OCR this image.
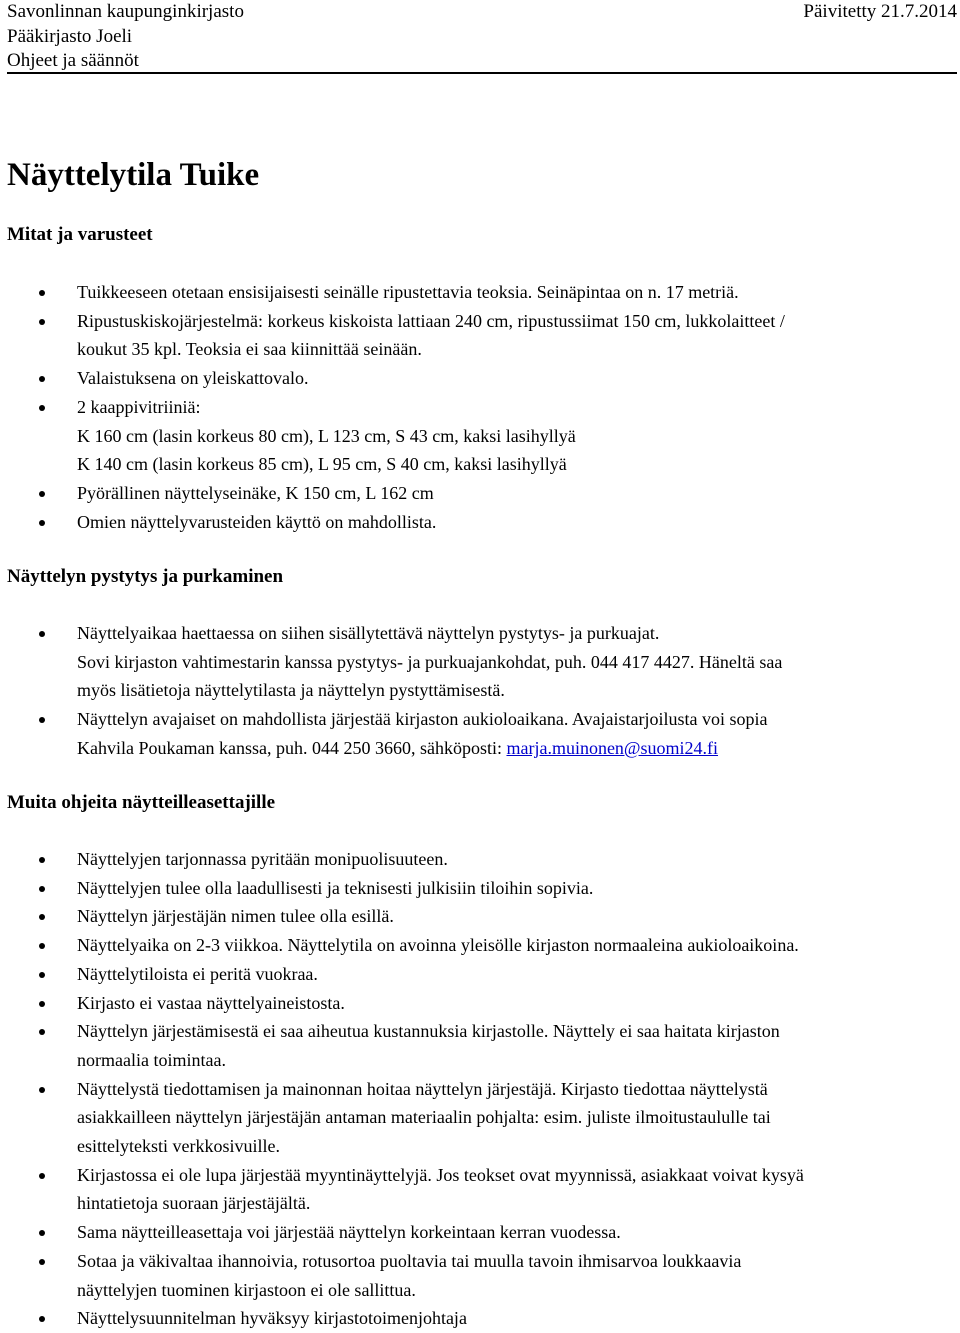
Savonlinnan kaupunginkirjasto	Päivitetty 21.7.2014
Pääkirjasto Joeli
Ohjeet ja säännöt
Näyttelytila Tuike
Mitat ja varusteet
Tuikkeeseen otetaan ensisijaisesti seinälle ripustettavia teoksia. Seinäpintaa on n. 17 metriä.
Ripustuskiskojärjestelmä: korkeus kiskoista lattiaan 240 cm, ripustussiimat 150 cm, lukkolaitteet /
koukut 35 kpl. Teoksia ei saa kiinnittää seinään.
Valaistuksena on yleiskattovalo.
2 kaappivitriiniä:
K 160 cm (lasin korkeus 80 cm), L 123 cm, S 43 cm, kaksi lasihyllyä
K 140 cm (lasin korkeus 85 cm), L 95 cm, S 40 cm, kaksi lasihyllyä
Pyörällinen näyttelyseinäke, K 150 cm, L 162 cm
Omien näyttelyvarusteiden käyttö on mahdollista.
Näyttelyn pystytys ja purkaminen
Näyttelyaikaa haettaessa on siihen sisällytettävä näyttelyn pystytys- ja purkuajat.
Sovi kirjaston vahtimestarin kanssa pystytys- ja purkuajankohdat, puh. 044 417 4427. Häneltä saa
myös lisätietoja näyttelytilasta ja näyttelyn pystyttämisestä.
Näyttelyn avajaiset on mahdollista järjestää kirjaston aukioloaikana. Avajaistarjoilusta voi sopia
Kahvila Poukaman kanssa, puh. 044 250 3660, sähköposti: marja.muinonen@suomi24.fi
Muita ohjeita näytteilleasettajille
Näyttelyjen tarjonnassa pyritään monipuolisuuteen.
Näyttelyjen tulee olla laadullisesti ja teknisesti julkisiin tiloihin sopivia.
Näyttelyn järjestäjän nimen tulee olla esillä.
Näyttelyaika on 2-3 viikkoa. Näyttelytila on avoinna yleisölle kirjaston normaaleina aukioloaikoina.
Näyttelytiloista ei peritä vuokraa.
Kirjasto ei vastaa näyttelyaineistosta.
Näyttelyn järjestämisestä ei saa aiheutua kustannuksia kirjastolle. Näyttely ei saa haitata kirjaston
normaalia toimintaa.
Näyttelystä tiedottamisen ja mainonnan hoitaa näyttelyn järjestäjä. Kirjasto tiedottaa näyttelystä
asiakkailleen näyttelyn järjestäjän antaman materiaalin pohjalta: esim. juliste ilmoitustaululle tai
esittelyteksti verkkosivuille.
Kirjastossa ei ole lupa järjestää myyntinäyttelyjä. Jos teokset ovat myynnissä, asiakkaat voivat kysyä
hintatietoja suoraan järjestäjältä.
Sama näytteilleasettaja voi järjestää näyttelyn korkeintaan kerran vuodessa.
Sotaa ja väkivaltaa ihannoivia, rotusortoa puoltavia tai muulla tavoin ihmisarvoa loukkaavia
näyttelyjen tuominen kirjastoon ei ole sallittua.
Näyttelysuunnitelman hyväksyy kirjastotoimenjohtaja
